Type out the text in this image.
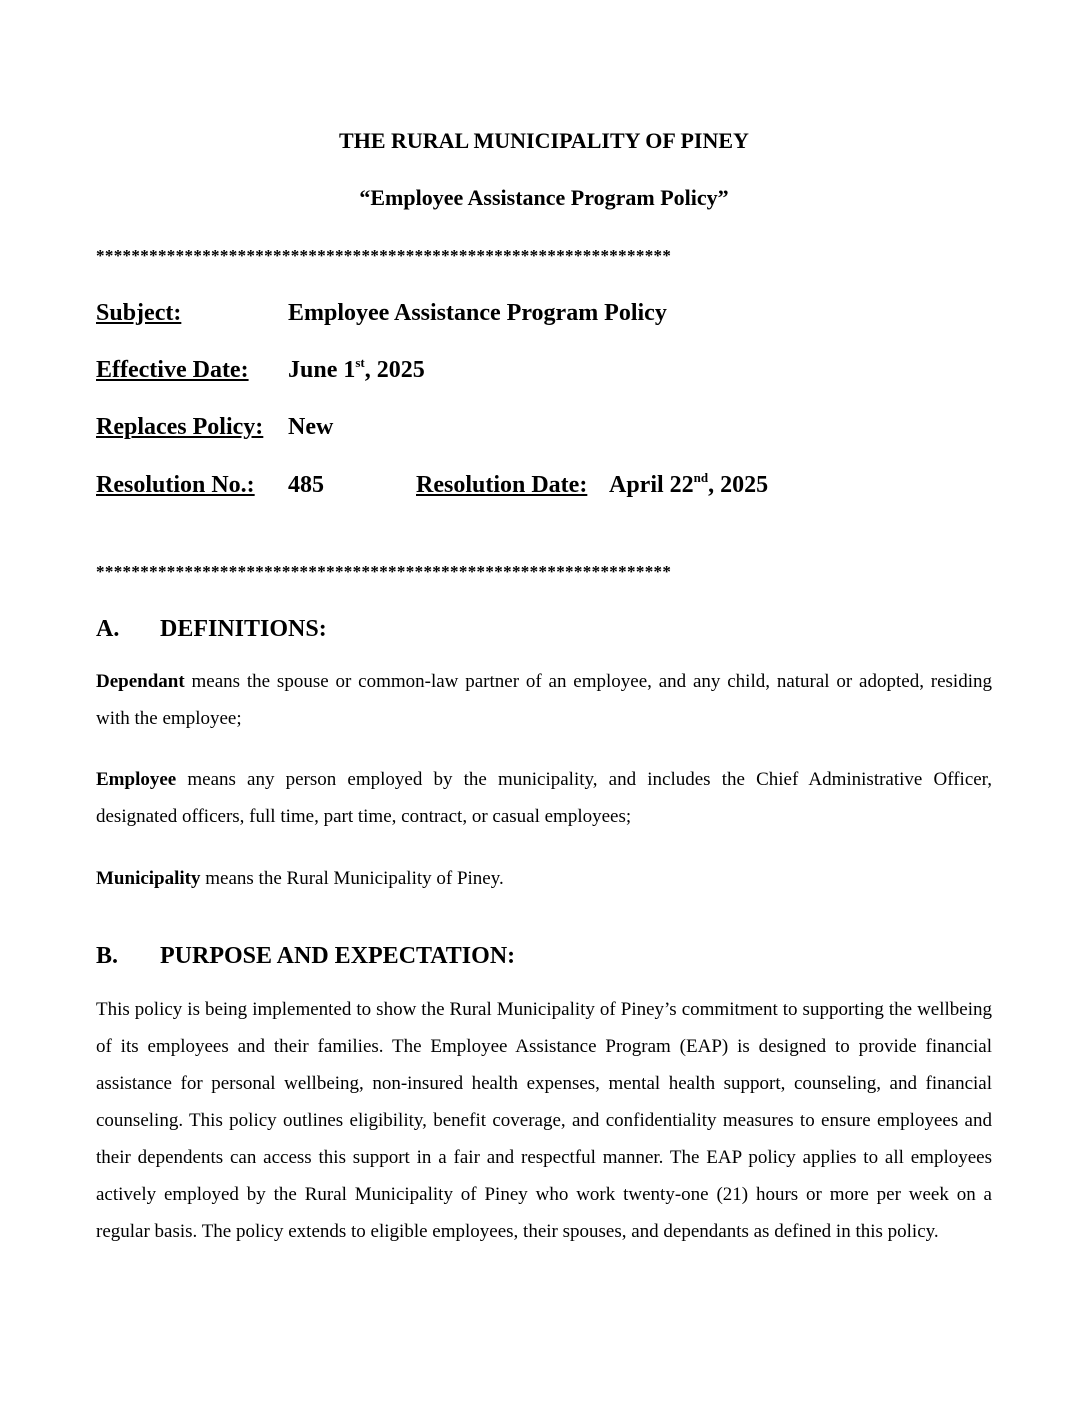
THE RURAL MUNICIPALITY OF PINEY
“Employee Assistance Program Policy”
*****************************************************************
Subject:	Employee Assistance Program Policy
Effective Date: June 1st, 2025
Replaces Policy: New
Resolution No.: 485	Resolution Date: April 22nd, 2025
*****************************************************************
A. DEFINITIONS:
Dependant means the spouse or common-law partner of an employee, and any child, natural or adopted, residing with the employee;
Employee means any person employed by the municipality, and includes the Chief Administrative Officer, designated officers, full time, part time, contract, or casual employees;
Municipality means the Rural Municipality of Piney.
B. PURPOSE AND EXPECTATION:
This policy is being implemented to show the Rural Municipality of Piney’s commitment to supporting the wellbeing of its employees and their families. The Employee Assistance Program (EAP) is designed to provide financial assistance for personal wellbeing, non-insured health expenses, mental health support, counseling, and financial counseling. This policy outlines eligibility, benefit coverage, and confidentiality measures to ensure employees and their dependents can access this support in a fair and respectful manner. The EAP policy applies to all employees actively employed by the Rural Municipality of Piney who work twenty-one (21) hours or more per week on a regular basis. The policy extends to eligible employees, their spouses, and dependants as defined in this policy.
